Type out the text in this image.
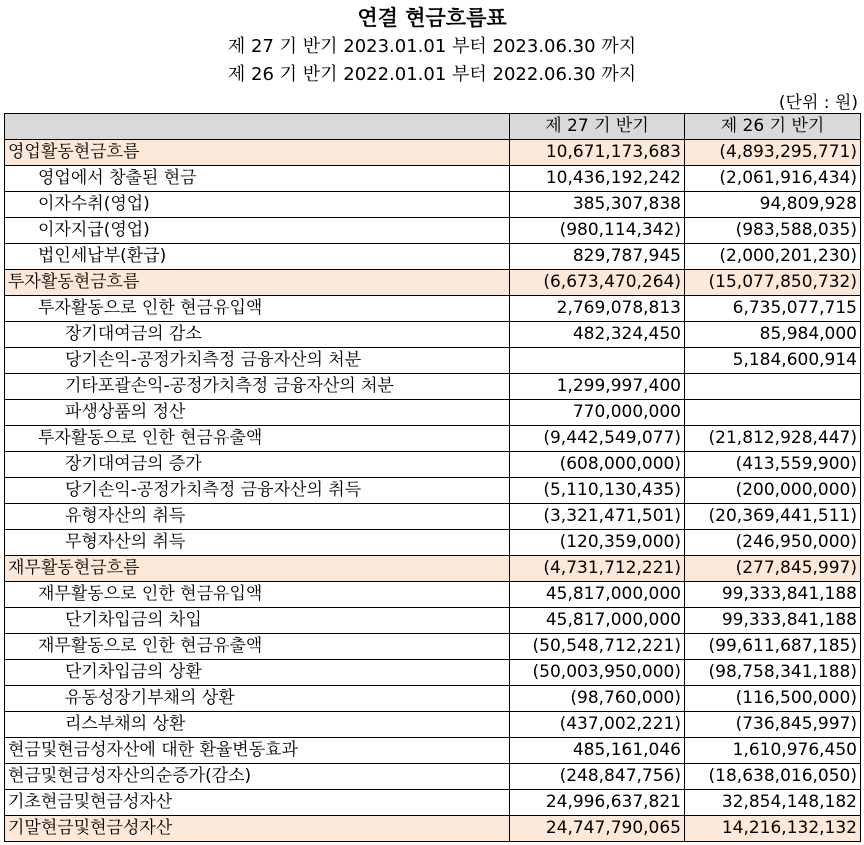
연결 현금흐름표
제 27 기 반기 2023.01.01 부터 2023.06.30 까지
제 26 기 반기 2022.01.01 부터 2022.06.30 까지
(단위 : 원)
	제 27 기 반기	제 26 기 반기
영업활동현금흐름	10,671,173,683	(4,893,295,771)
영업에서 창출된 현금	10,436,192,242	(2,061,916,434)
이자수취(영업)	385,307,838	94,809,928
이자지급(영업)	(980,114,342)	(983,588,035)
법인세납부(환급)	829,787,945	(2,000,201,230)
투자활동현금흐름	(6,673,470,264)	(15,077,850,732)
투자활동으로 인한 현금유입액	2,769,078,813	6,735,077,715
장기대여금의 감소	482,324,450	85,984,000
당기손익-공정가치측정 금융자산의 처분		5,184,600,914
기타포괄손익-공정가치측정 금융자산의 처분	1,299,997,400	
파생상품의 정산	770,000,000	
투자활동으로 인한 현금유출액	(9,442,549,077)	(21,812,928,447)
장기대여금의 증가	(608,000,000)	(413,559,900)
당기손익-공정가치측정 금융자산의 취득	(5,110,130,435)	(200,000,000)
유형자산의 취득	(3,321,471,501)	(20,369,441,511)
무형자산의 취득	(120,359,000)	(246,950,000)
재무활동현금흐름	(4,731,712,221)	(277,845,997)
재무활동으로 인한 현금유입액	45,817,000,000	99,333,841,188
단기차입금의 차입	45,817,000,000	99,333,841,188
재무활동으로 인한 현금유출액	(50,548,712,221)	(99,611,687,185)
단기차입금의 상환	(50,003,950,000)	(98,758,341,188)
유동성장기부채의 상환	(98,760,000)	(116,500,000)
리스부채의 상환	(437,002,221)	(736,845,997)
현금및현금성자산에 대한 환율변동효과	485,161,046	1,610,976,450
현금및현금성자산의순증가(감소)	(248,847,756)	(18,638,016,050)
기초현금및현금성자산	24,996,637,821	32,854,148,182
기말현금및현금성자산	24,747,790,065	14,216,132,132
